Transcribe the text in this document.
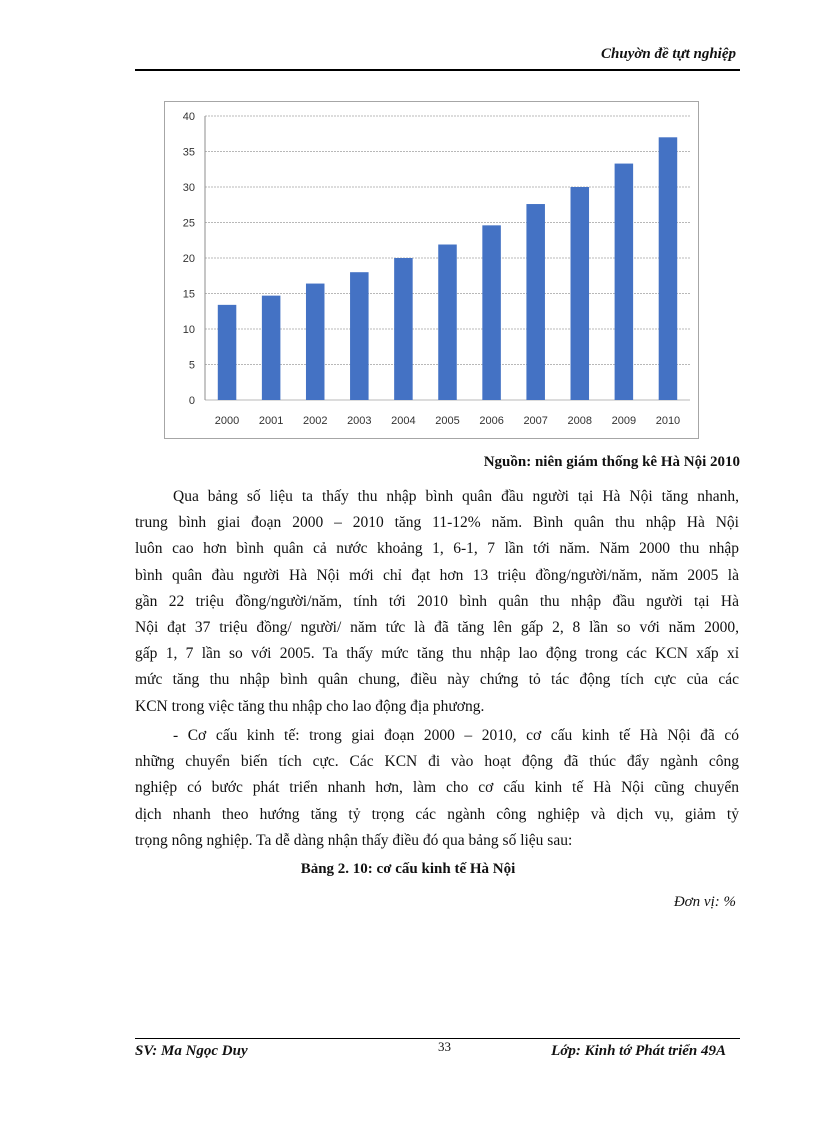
Chuyờn đề tựt nghiệp
0
5
10
15
20
25
30
35
40
2000 2001 2002 2003 2004 2005 2006 2007 2008 2009 2010
Nguồn: niên giám thống kê Hà Nội 2010
Qua bảng số liệu ta thấy thu nhập bình quân đầu người tại Hà Nội tăng nhanh,
trung bình giai đoạn 2000 – 2010 tăng 11-12% năm. Bình quân thu nhập Hà Nội
luôn cao hơn bình quân cả nước khoảng 1, 6-1, 7 lần tới năm. Năm 2000 thu nhập
bình quân đàu người Hà Nội mới chỉ đạt hơn 13 triệu đồng/người/năm, năm 2005 là
gần 22 triệu đồng/người/năm, tính tới 2010 bình quân thu nhập đầu người tại Hà
Nội đạt 37 triệu đồng/ người/ năm tức là đã tăng lên gấp 2, 8 lần so với năm 2000,
gấp 1, 7 lần so với 2005. Ta thấy mức tăng thu nhập lao động trong các KCN xấp xỉ
mức tăng thu nhập bình quân chung, điều này chứng tỏ tác động tích cực của các
KCN trong việc tăng thu nhập cho lao động địa phương.
- Cơ cấu kinh tế: trong giai đoạn 2000 – 2010, cơ cấu kinh tế Hà Nội đã có
những chuyển biến tích cực. Các KCN đi vào hoạt động đã thúc đẩy ngành công
nghiệp có bước phát triển nhanh hơn, làm cho cơ cấu kinh tế Hà Nội cũng chuyển
dịch nhanh theo hướng tăng tỷ trọng các ngành công nghiệp và dịch vụ, giảm tỷ
trọng nông nghiệp. Ta dễ dàng nhận thấy điều đó qua bảng số liệu sau:
Bảng 2. 10: cơ cấu kinh tế Hà Nội
Đơn vị: %
SV: Ma Ngọc Duy	33	Lớp: Kinh tớ Phát triển 49A
